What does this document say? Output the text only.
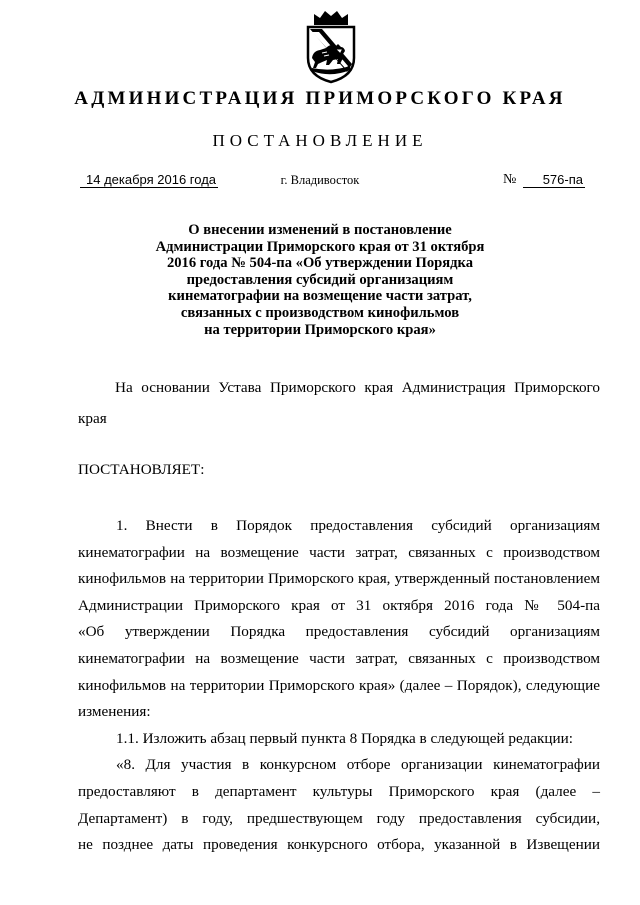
АДМИНИСТРАЦИЯ ПРИМОРСКОГО КРАЯ
ПОСТАНОВЛЕНИЕ
14 декабря 2016 года	г. Владивосток	№	576-па
О внесении изменений в постановление
Администрации Приморского края от 31 октября
2016 года № 504-па «Об утверждении Порядка
предоставления субсидий организациям
кинематографии на возмещение части затрат,
связанных с производством кинофильмов
на территории Приморского края»
На основании Устава Приморского края Администрация Приморского
края
ПОСТАНОВЛЯЕТ:
1. Внести в Порядок предоставления субсидий организациям
кинематографии на возмещение части затрат, связанных с производством
кинофильмов на территории Приморского края, утвержденный постановлением
Администрации Приморского края от 31 октября 2016 года № 504-па
«Об утверждении Порядка предоставления субсидий организациям
кинематографии на возмещение части затрат, связанных с производством
кинофильмов на территории Приморского края» (далее – Порядок), следующие
изменения:
1.1. Изложить абзац первый пункта 8 Порядка в следующей редакции:
«8. Для участия в конкурсном отборе организации кинематографии
предоставляют в департамент культуры Приморского края (далее –
Департамент) в году, предшествующем году предоставления субсидии,
не позднее даты проведения конкурсного отбора, указанной в Извещении
